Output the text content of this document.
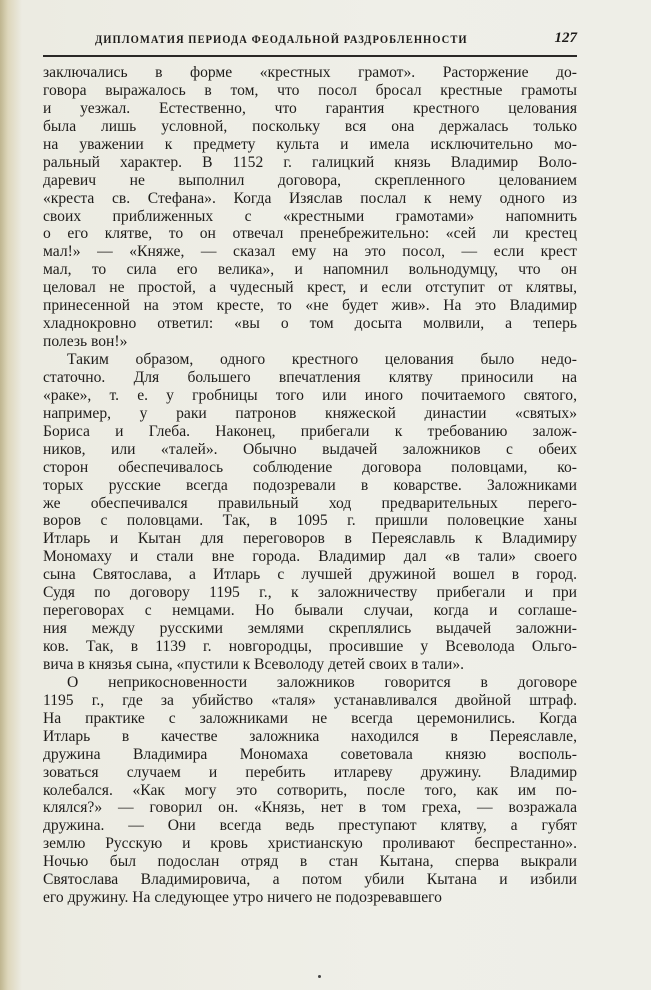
ДИПЛОМАТИЯ ПЕРИОДА ФЕОДАЛЬНОЙ РАЗДРОБЛЕННОСТИ	127
заключались в форме «крестных грамот». Расторжение до-
говора выражалось в том, что посол бросал крестные грамоты
и уезжал. Естественно, что гарантия крестного целования
была лишь условной, поскольку вся она держалась только
на уважении к предмету культа и имела исключительно мо-
ральный характер. В 1152 г. галицкий князь Владимир Воло-
даревич не выполнил договора, скрепленного целованием
«креста св. Стефана». Когда Изяслав послал к нему одного из
своих приближенных с «крестными грамотами» напомнить
о его клятве, то он отвечал пренебрежительно: «сей ли крестец
мал!» — «Княже, — сказал ему на это посол, — если крест
мал, то сила его велика», и напомнил вольнодумцу, что он
целовал не простой, а чудесный крест, и если отступит от клятвы,
принесенной на этом кресте, то «не будет жив». На это Владимир
хладнокровно ответил: «вы о том досыта молвили, а теперь
полезь вон!»
Таким образом, одного крестного целования было недо-
статочно. Для большего впечатления клятву приносили на
«раке», т. е. у гробницы того или иного почитаемого святого,
например, у раки патронов княжеской династии «святых»
Бориса и Глеба. Наконец, прибегали к требованию залож-
ников, или «талей». Обычно выдачей заложников с обеих
сторон обеспечивалось соблюдение договора половцами, ко-
торых русские всегда подозревали в коварстве. Заложниками
же обеспечивался правильный ход предварительных перего-
воров с половцами. Так, в 1095 г. пришли половецкие ханы
Итларь и Кытан для переговоров в Переяславль к Владимиру
Мономаху и стали вне города. Владимир дал «в тали» своего
сына Святослава, а Итларь с лучшей дружиной вошел в город.
Судя по договору 1195 г., к заложничеству прибегали и при
переговорах с немцами. Но бывали случаи, когда и соглаше-
ния между русскими землями скреплялись выдачей заложни-
ков. Так, в 1139 г. новгородцы, просившие у Всеволода Ольго-
вича в князья сына, «пустили к Всеволоду детей своих в тали».
О неприкосновенности заложников говорится в договоре
1195 г., где за убийство «таля» устанавливался двойной штраф.
На практике с заложниками не всегда церемонились. Когда
Итларь в качестве заложника находился в Переяславле,
дружина Владимира Мономаха советовала князю восполь-
зоваться случаем и перебить итлареву дружину. Владимир
колебался. «Как могу это сотворить, после того, как им по-
клялся?» — говорил он. «Князь, нет в том греха, — возражала
дружина. — Они всегда ведь преступают клятву, а губят
землю Русскую и кровь христианскую проливают беспрестанно».
Ночью был подослан отряд в стан Кытана, сперва выкрали
Святослава Владимировича, а потом убили Кытана и избили
его дружину. На следующее утро ничего не подозревавшего
